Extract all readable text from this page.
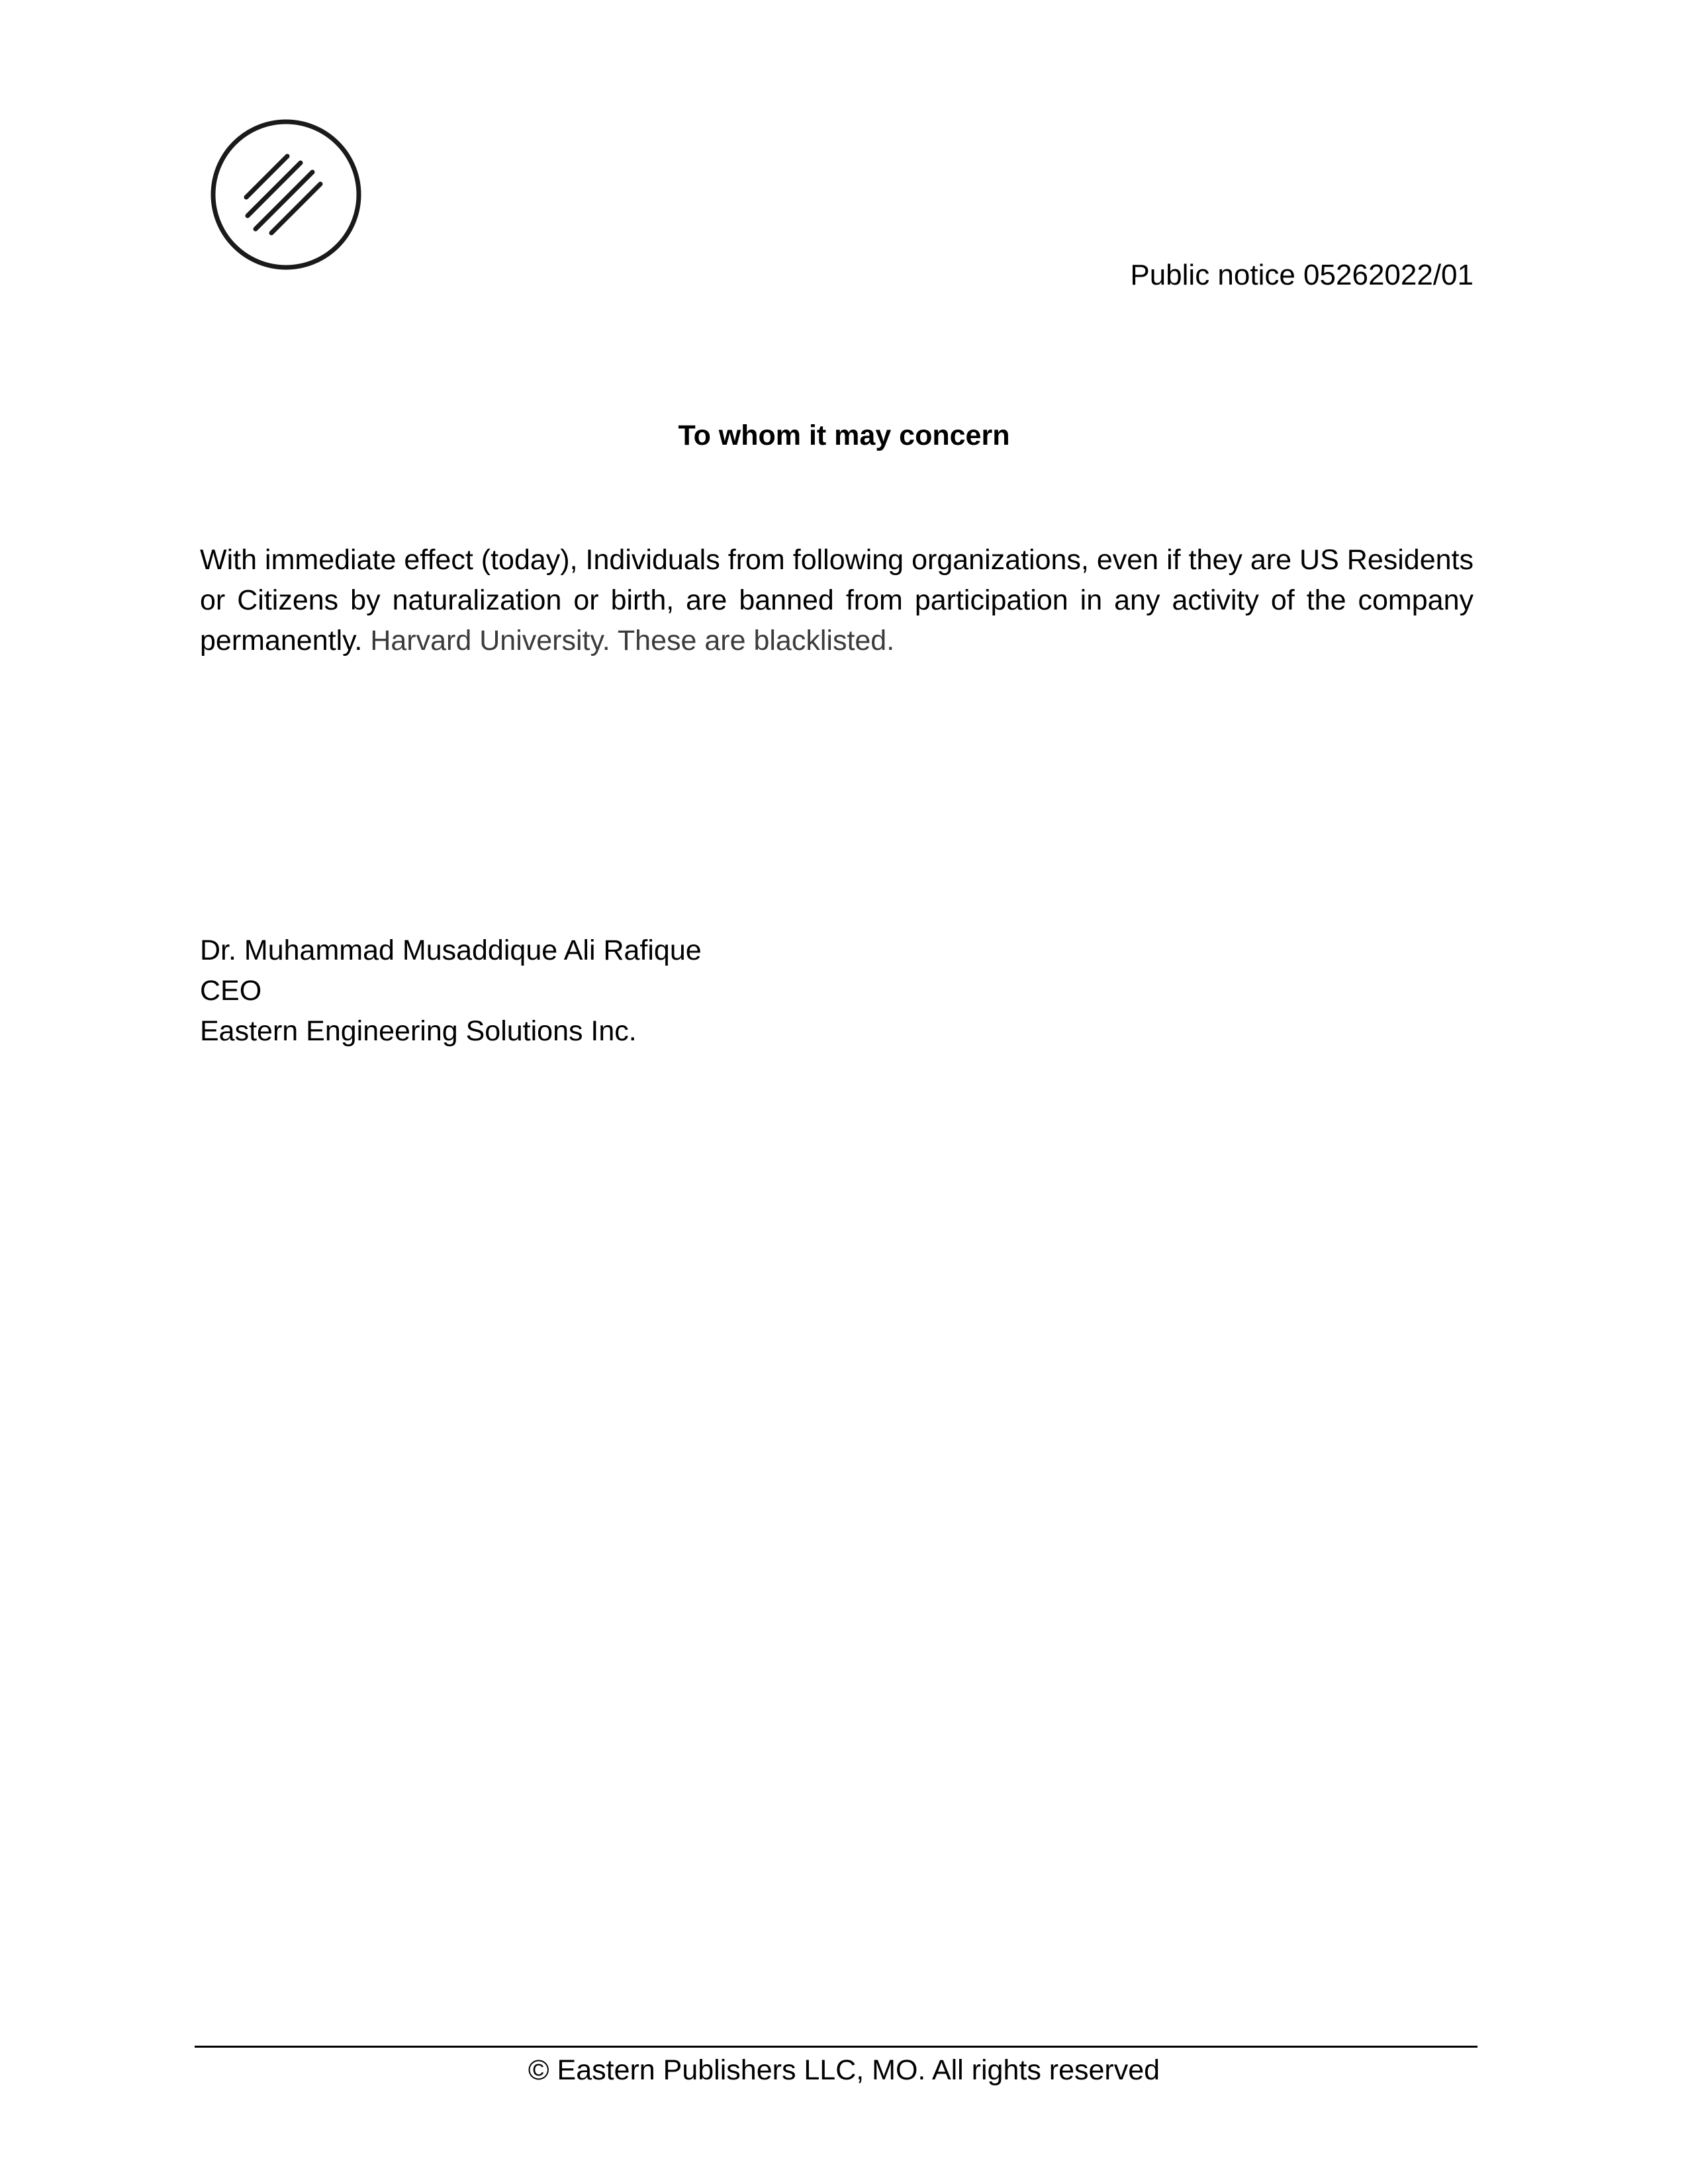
Public notice 05262022/01
To whom it may concern
With immediate effect (today), Individuals from following organizations, even if they are US Residents or Citizens by naturalization or birth, are banned from participation in any activity of the company permanently. Harvard University. These are blacklisted.
Dr. Muhammad Musaddique Ali Rafique
CEO
Eastern Engineering Solutions Inc.
© Eastern Publishers LLC, MO. All rights reserved
